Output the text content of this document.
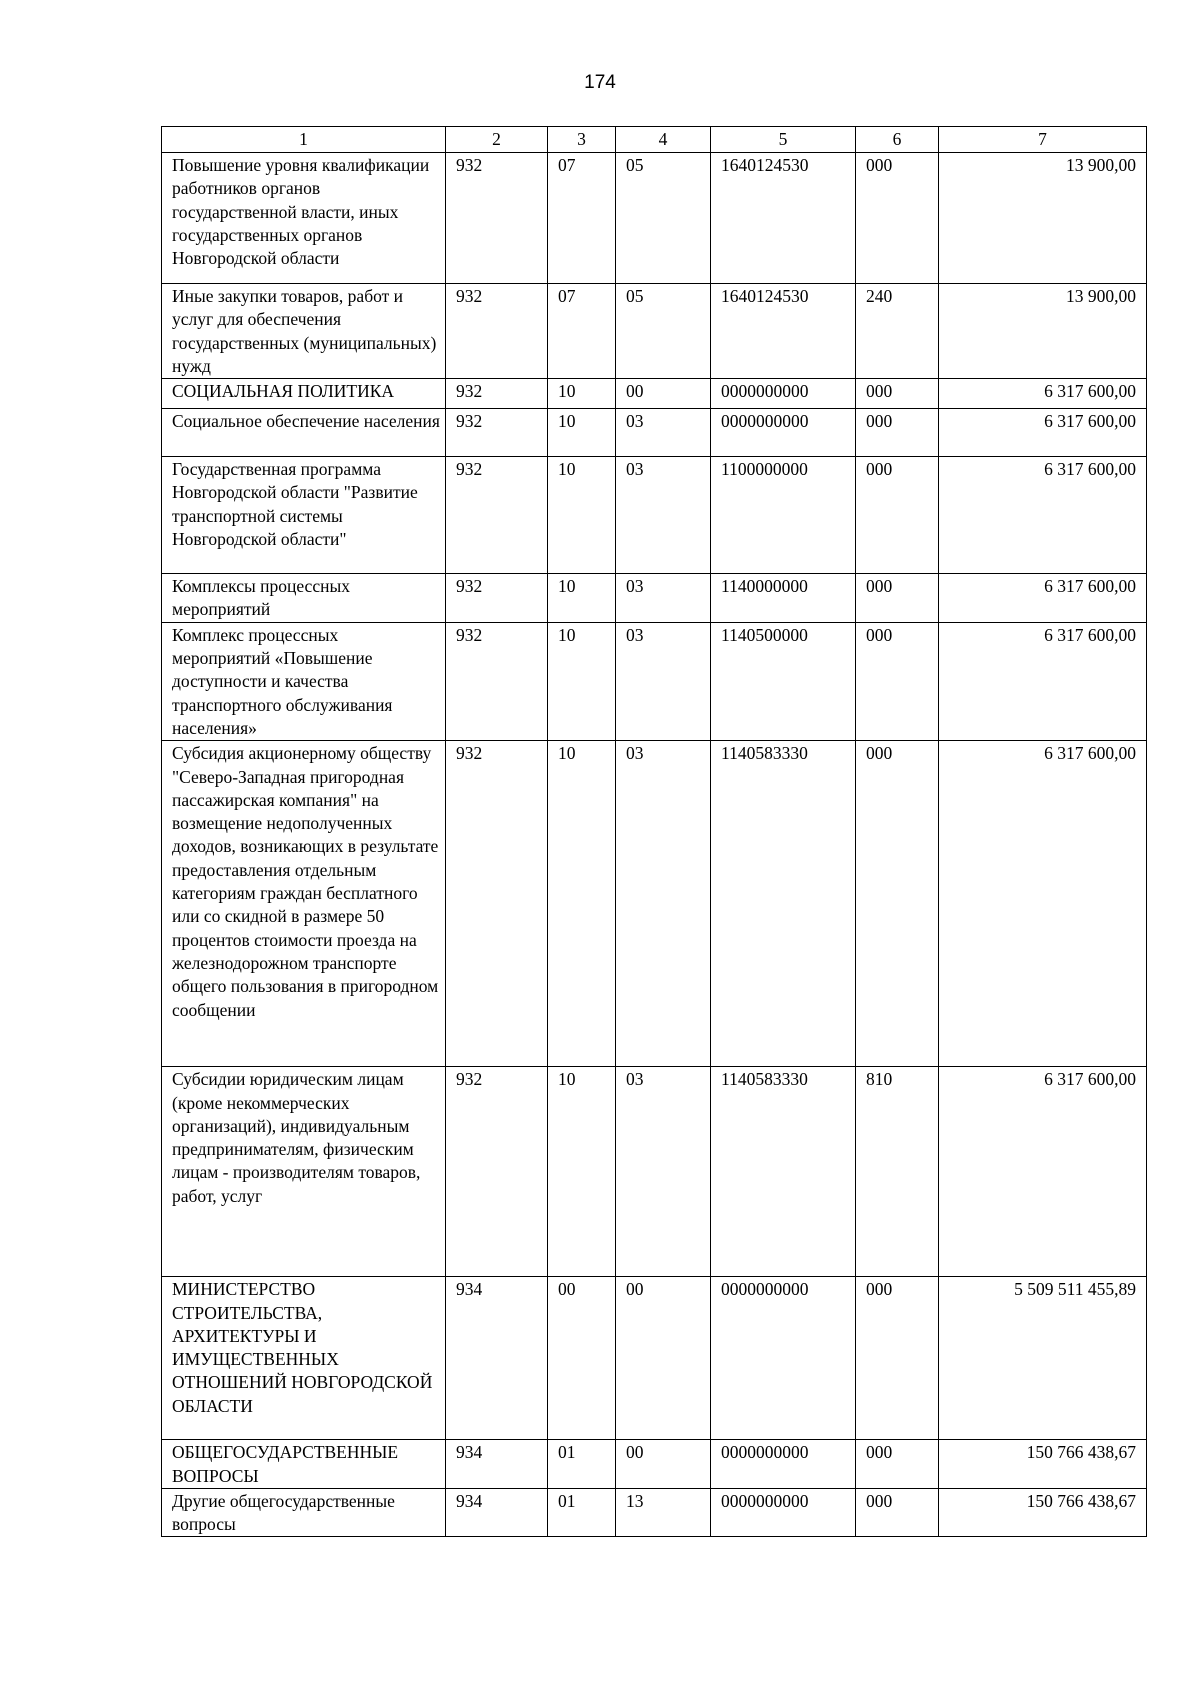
174
1	2	3	4	5	6	7
Повышение уровня квалификации работников органов государственной власти, иных государственных органов Новгородской области	932	07	05	1640124530	000	13 900,00
Иные закупки товаров, работ и услуг для обеспечения государственных (муниципальных) нужд	932	07	05	1640124530	240	13 900,00
СОЦИАЛЬНАЯ ПОЛИТИКА	932	10	00	0000000000	000	6 317 600,00
Социальное обеспечение населения	932	10	03	0000000000	000	6 317 600,00
Государственная программа Новгородской области "Развитие транспортной системы Новгородской области"	932	10	03	1100000000	000	6 317 600,00
Комплексы процессных мероприятий	932	10	03	1140000000	000	6 317 600,00
Комплекс процессных мероприятий «Повышение доступности и качества транспортного обслуживания населения»	932	10	03	1140500000	000	6 317 600,00
Субсидия акционерному обществу "Северо-Западная пригородная пассажирская компания" на возмещение недополученных доходов, возникающих в результате предоставления отдельным категориям граждан бесплатного или со скидной в размере 50 процентов стоимости проезда на железнодорожном транспорте общего пользования в пригородном сообщении	932	10	03	1140583330	000	6 317 600,00
Субсидии юридическим лицам (кроме некоммерческих организаций), индивидуальным предпринимателям, физическим лицам - производителям товаров, работ, услуг	932	10	03	1140583330	810	6 317 600,00
МИНИСТЕРСТВО СТРОИТЕЛЬСТВА, АРХИТЕКТУРЫ И ИМУЩЕСТВЕННЫХ ОТНОШЕНИЙ НОВГОРОДСКОЙ ОБЛАСТИ	934	00	00	0000000000	000	5 509 511 455,89
ОБЩЕГОСУДАРСТВЕННЫЕ ВОПРОСЫ	934	01	00	0000000000	000	150 766 438,67
Другие общегосударственные вопросы	934	01	13	0000000000	000	150 766 438,67
